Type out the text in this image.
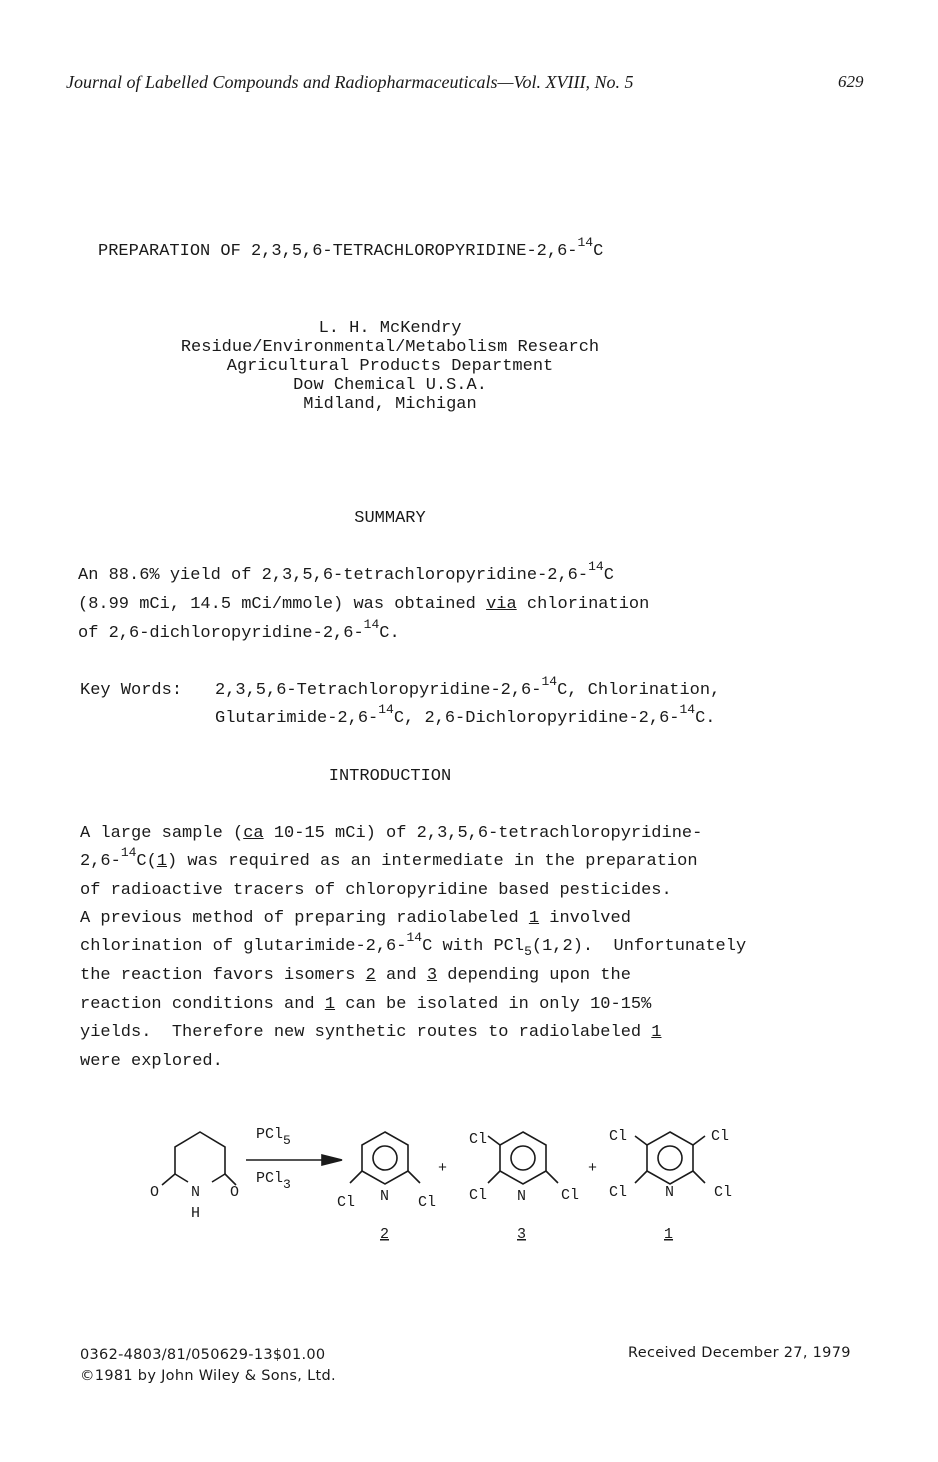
Journal of Labelled Compounds and Radiopharmaceuticals—Vol. XVIII, No. 5	629
PREPARATION OF 2,3,5,6-TETRACHLOROPYRIDINE-2,6-$^{14}$C
L. H. McKendry
Residue/Environmental/Metabolism Research
Agricultural Products Department
Dow Chemical U.S.A.
Midland, Michigan
SUMMARY
An 88.6% yield of 2,3,5,6-tetrachloropyridine-2,6-$^{14}$C
(8.99 mCi, 14.5 mCi/mmole) was obtained via chlorination
of 2,6-dichloropyridine-2,6-$^{14}$C.
Key Words: 2,3,5,6-Tetrachloropyridine-2,6-$^{14}$C, Chlorination,
Glutarimide-2,6-$^{14}$C, 2,6-Dichloropyridine-2,6-$^{14}$C.
INTRODUCTION
A large sample (ca 10-15 mCi) of 2,3,5,6-tetrachloropyridine-
2,6-$^{14}$C(1) was required as an intermediate in the preparation
of radioactive tracers of chloropyridine based pesticides.
A previous method of preparing radiolabeled 1 involved
chlorination of glutarimide-2,6-$^{14}$C with PCl$_5$(1,2).  Unfortunately
the reaction favors isomers 2 and 3 depending upon the
reaction conditions and 1 can be isolated in only 10-15%
yields.  Therefore new synthetic routes to radiolabeled 1
were explored.
O N O
H
PCl5
PCl3
+	+
Cl N Cl
2
Cl
Cl N Cl
3
Cl	Cl
Cl	N	Cl
1
0362-4803/81/050629-13$01.00
©1981 by John Wiley & Sons, Ltd.
Received December 27, 1979
